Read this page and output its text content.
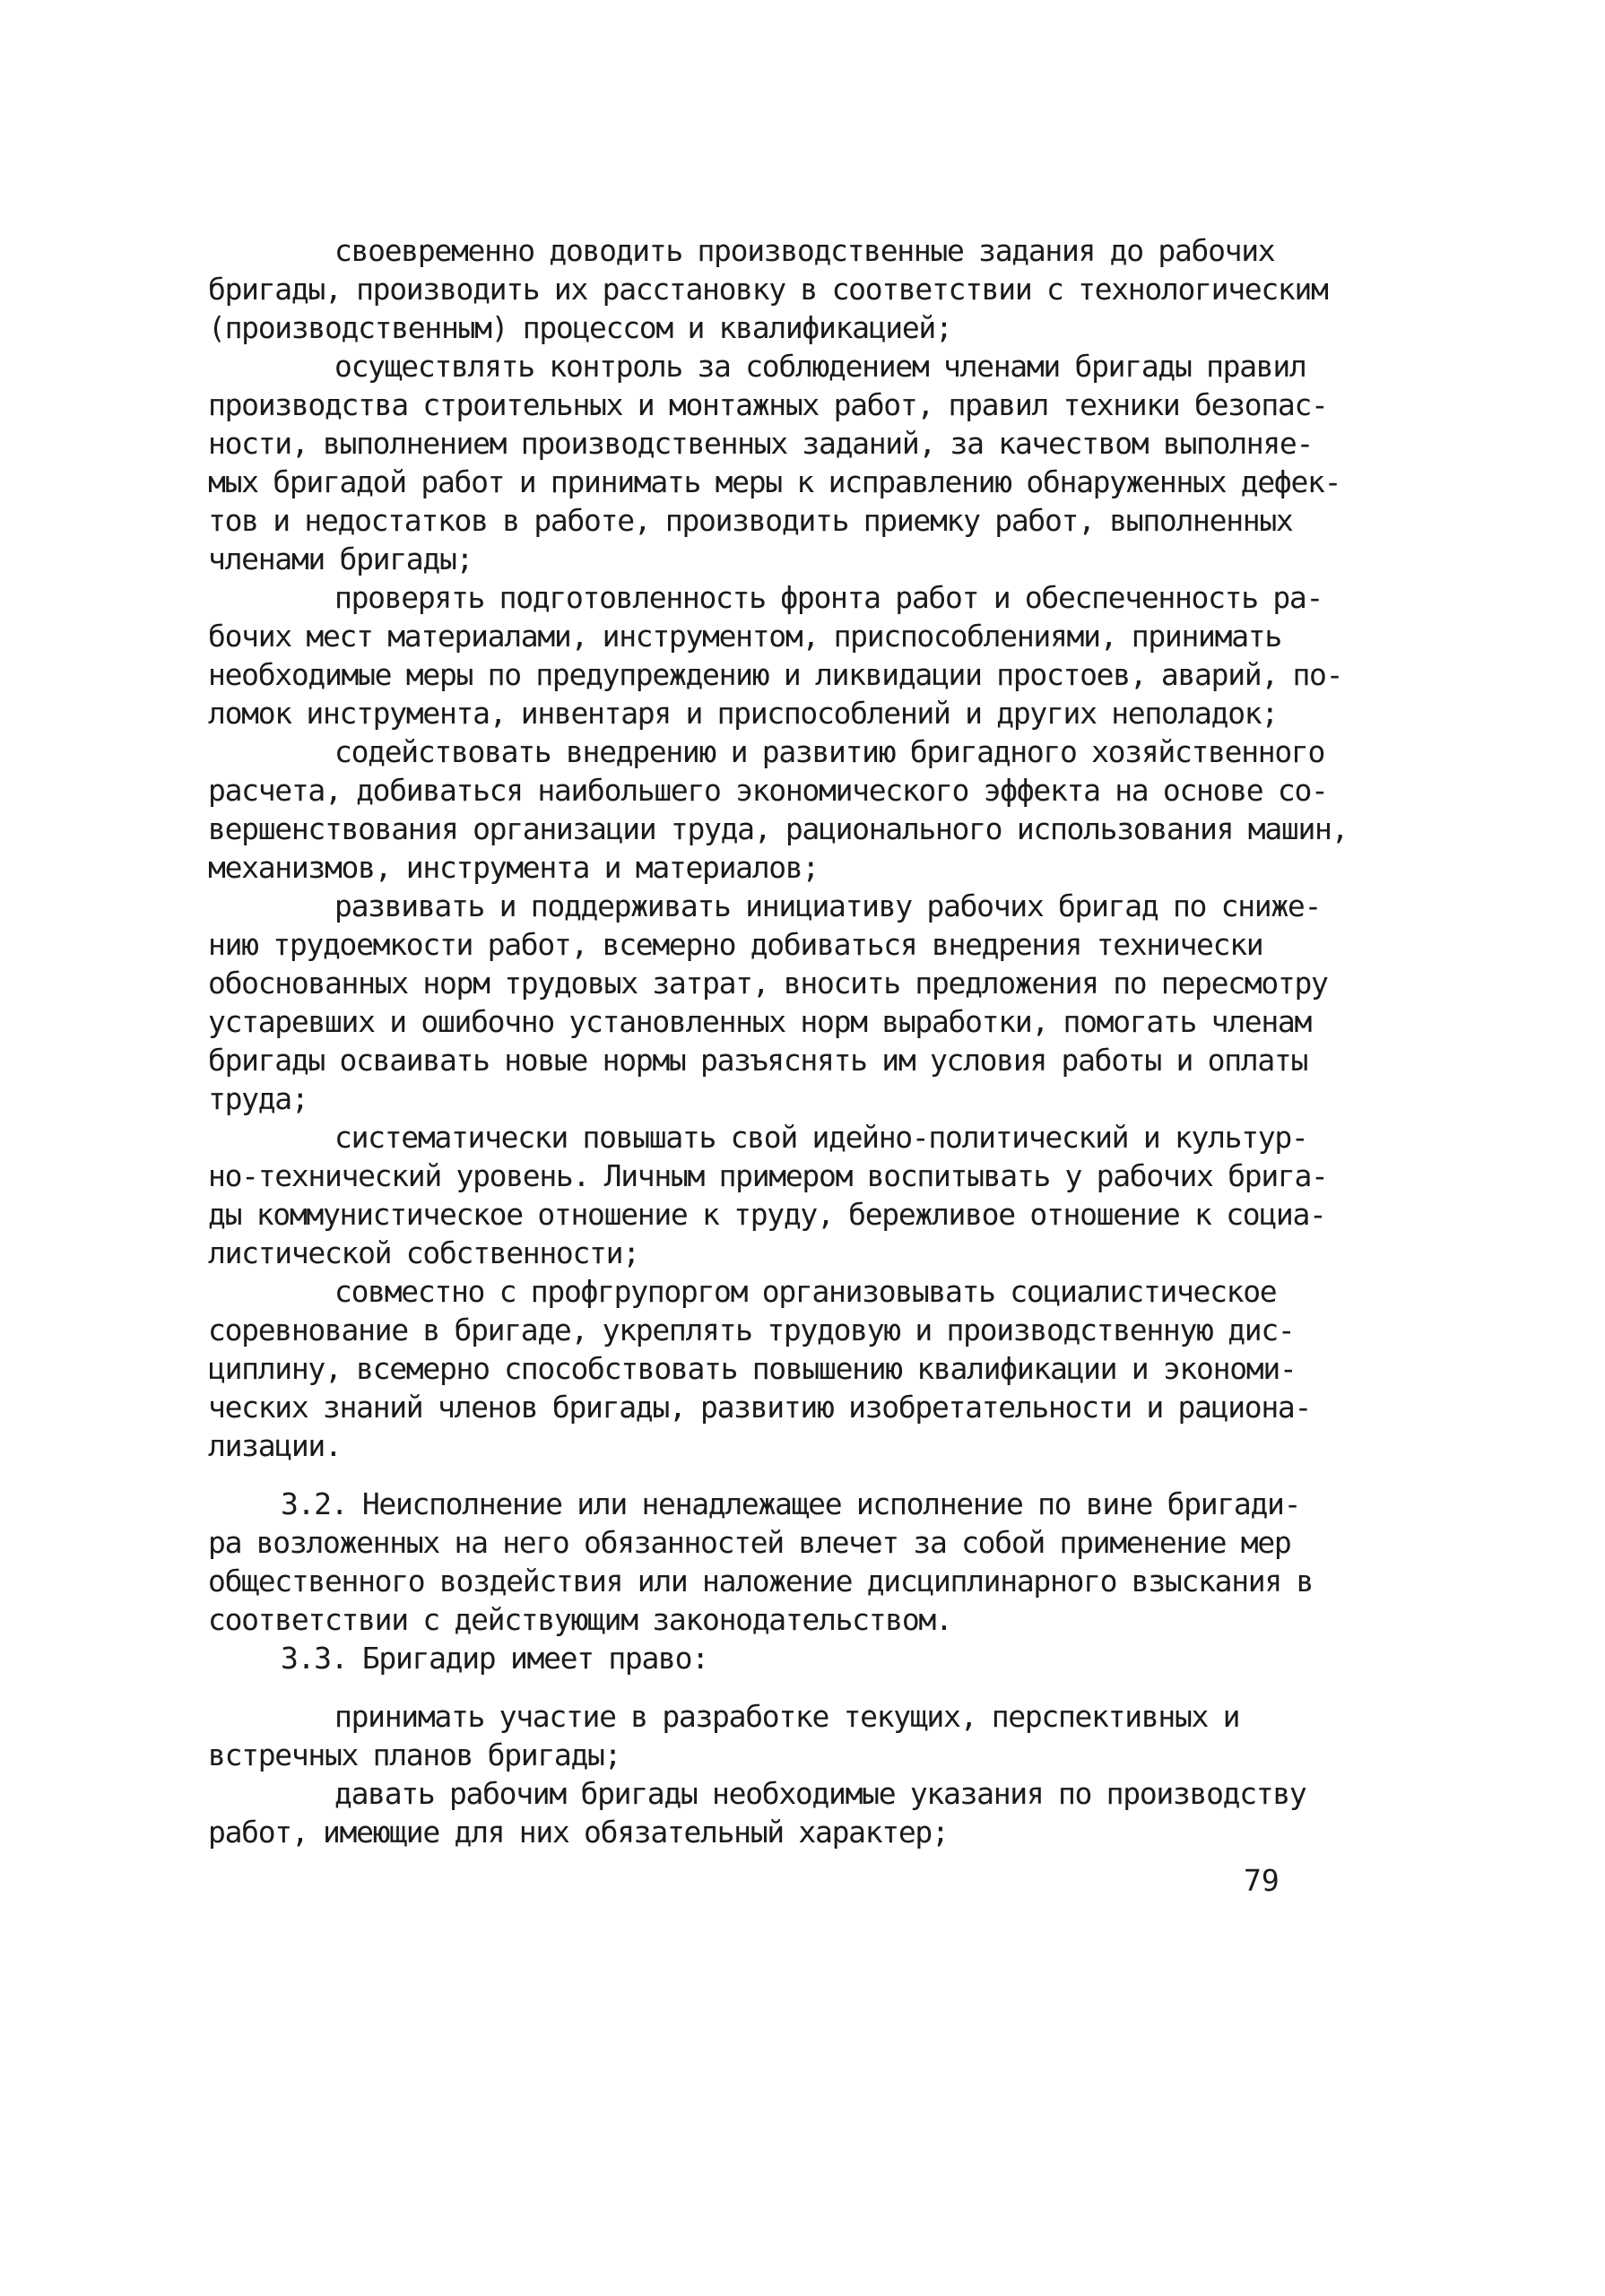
своевременно доводить производственные задания до рабочих
бригады, производить их расстановку в соответствии с технологическим
(производственным) процессом и квалификацией;
осуществлять контроль за соблюдением членами бригады правил
производства строительных и монтажных работ, правил техники безопас-
ности, выполнением производственных заданий, за качеством выполняе-
мых бригадой работ и принимать меры к исправлению обнаруженных дефек-
тов и недостатков в работе, производить приемку работ, выполненных
членами бригады;
проверять подготовленность фронта работ и обеспеченность ра-
бочих мест материалами, инструментом, приспособлениями, принимать
необходимые меры по предупреждению и ликвидации простоев, аварий, по-
ломок инструмента, инвентаря и приспособлений и других неполадок;
содействовать внедрению и развитию бригадного хозяйственного
расчета, добиваться наибольшего экономического эффекта на основе со-
вершенствования организации труда, рационального использования машин,
механизмов, инструмента и материалов;
развивать и поддерживать инициативу рабочих бригад по сниже-
нию трудоемкости работ, всемерно добиваться внедрения технически
обоснованных норм трудовых затрат, вносить предложения по пересмотру
устаревших и ошибочно установленных норм выработки, помогать членам
бригады осваивать новые нормы разъяснять им условия работы и оплаты
труда;
систематически повышать свой идейно-политический и культур-
но-технический уровень. Личным примером воспитывать у рабочих брига-
ды коммунистическое отношение к труду, бережливое отношение к социа-
листической собственности;
совместно с профгрупоргом организовывать социалистическое
соревнование в бригаде, укреплять трудовую и производственную дис-
циплину, всемерно способствовать повышению квалификации и экономи-
ческих знаний членов бригады, развитию изобретательности и рациона-
лизации.
3.2. Неисполнение или ненадлежащее исполнение по вине бригади-
ра возложенных на него обязанностей влечет за собой применение мер
общественного воздействия или наложение дисциплинарного взыскания в
соответствии с действующим законодательством.
3.3. Бригадир имеет право:
принимать участие в разработке текущих, перспективных и
встречных планов бригады;
давать рабочим бригады необходимые указания по производству
работ, имеющие для них обязательный характер;
79
